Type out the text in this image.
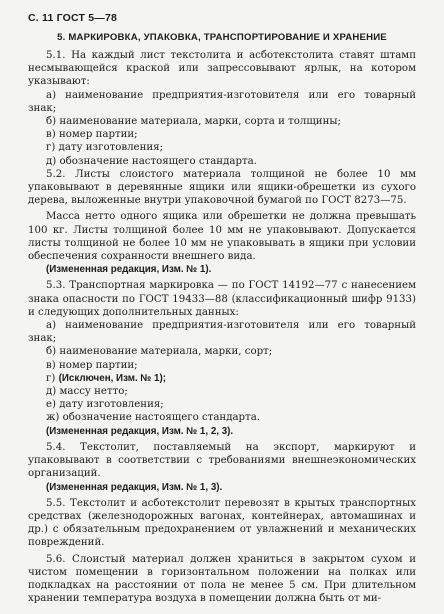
С. 11 ГОСТ 5—78
5. МАРКИРОВКА, УПАКОВКА, ТРАНСПОРТИРОВАНИЕ И ХРАНЕНИЕ

5.1. На каждый лист текстолита и асботекстолита ставят штамп несмывающейся краской или запрессовывают ярлык, на котором указывают:

а) наименование предприятия-изготовителя или его товарный знак;

б) наименование материала, марки, сорта и толщины;

в) номер партии;

г) дату изготовления;

д) обозначение настоящего стандарта.

5.2. Листы слоистого материала толщиной не более 10 мм упаковывают в деревянные ящики или ящики-обрешетки из сухого дерева, выложенные внутри упаковочной бумагой по ГОСТ 8273—75.

Масса нетто одного ящика или обрешетки не должна превышать 100 кг. Листы толщиной более 10 мм не упаковывают. Допускается листы толщиной не более 10 мм не упаковывать в ящики при условии обеспечения сохранности внешнего вида.

(Измененная редакция, Изм. № 1).

5.3. Транспортная маркировка — по ГОСТ 14192—77 с нанесением знака опасности по ГОСТ 19433—88 (классификационный шифр 9133) и следующих дополнительных данных:

а) наименование предприятия-изготовителя или его товарный знак;

б) наименование материала, марки, сорт;

в) номер партии;

г) (Исключен, Изм. № 1);

д) массу нетто;

е) дату изготовления;

ж) обозначение настоящего стандарта.

(Измененная редакция, Изм. № 1, 2, 3).

5.4. Текстолит, поставляемый на экспорт, маркируют и упаковывают в соответствии с требованиями внешнеэкономических организаций.

(Измененная редакция, Изм. № 1, 3).

5.5. Текстолит и асботекстолит перевозят в крытых транспортных средствах (железнодорожных вагонах, контейнерах, автомашинах и др.) с обязательным предохранением от увлажнений и механических повреждений.

5.6. Слоистый материал должен храниться в закрытом сухом и чистом помещении в горизонтальном положении на полках или подкладках на расстоянии от пола не менее 5 см. При длительном хранении температура воздуха в помещении должна быть от ми-
